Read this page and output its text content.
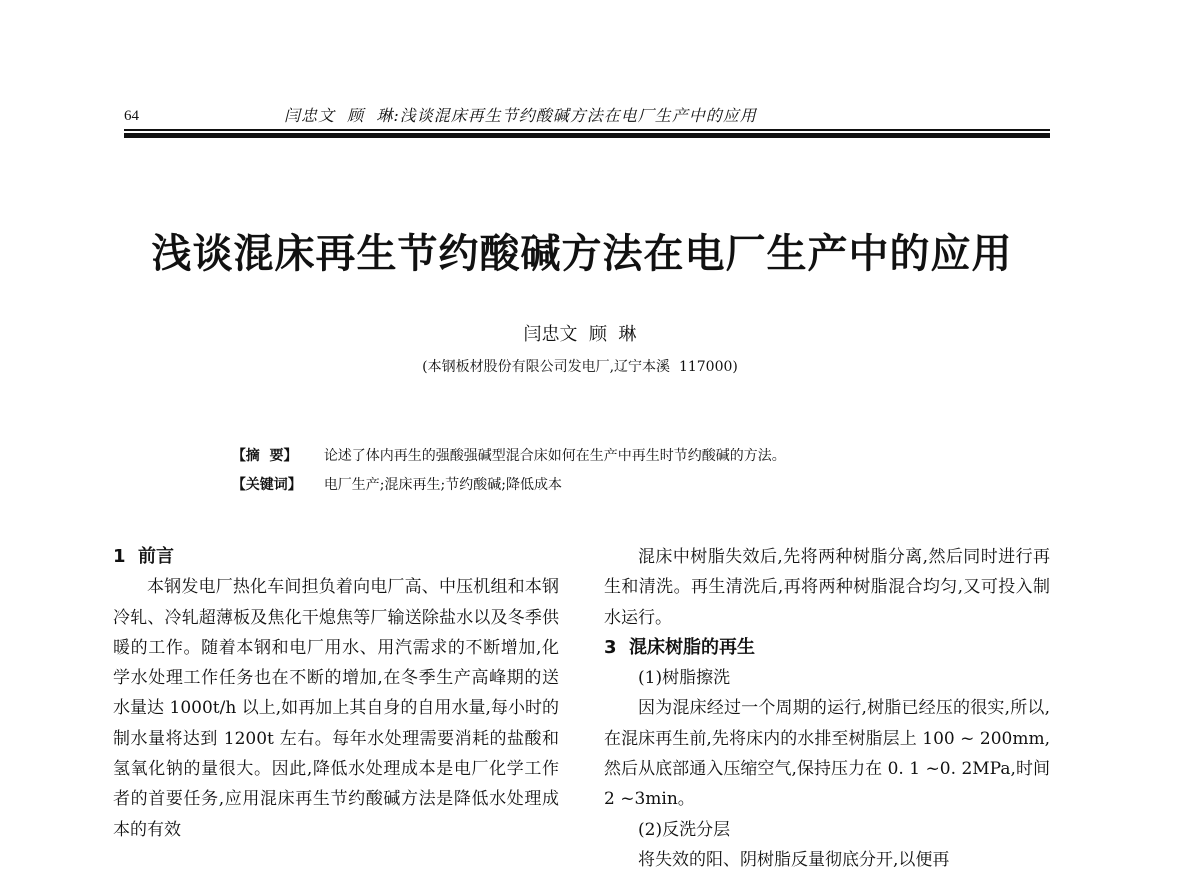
64	闫忠文  顾  琳:浅谈混床再生节约酸碱方法在电厂生产中的应用
浅谈混床再生节约酸碱方法在电厂生产中的应用
闫忠文  顾  琳
(本钢板材股份有限公司发电厂,辽宁本溪  117000)

【摘  要】 论述了体内再生的强酸强碱型混合床如何在生产中再生时节约酸碱的方法。

【关键词】 电厂生产;混床再生;节约酸碱;降低成本

1  前言

本钢发电厂热化车间担负着向电厂高、中压机组和本钢冷轧、冷轧超薄板及焦化干熄焦等厂输送除盐水以及冬季供暖的工作。随着本钢和电厂用水、用汽需求的不断增加,化学水处理工作任务也在不断的增加,在冬季生产高峰期的送水量达 1000t/h 以上,如再加上其自身的自用水量,每小时的制水量将达到 1200t 左右。每年水处理需要消耗的盐酸和氢氧化钠的量很大。因此,降低水处理成本是电厂化学工作者的首要任务,应用混床再生节约酸碱方法是降低水处理成本的有效

混床中树脂失效后,先将两种树脂分离,然后同时进行再生和清洗。再生清洗后,再将两种树脂混合均匀,又可投入制水运行。

3  混床树脂的再生
(1)树脂擦洗

因为混床经过一个周期的运行,树脂已经压的很实,所以,在混床再生前,先将床内的水排至树脂层上 100 ~ 200mm,然后从底部通入压缩空气,保持压力在 0. 1 ~0. 2MPa,时间 2 ~3min。

(2)反洗分层

将失效的阳、阴树脂反量彻底分开,以便再
